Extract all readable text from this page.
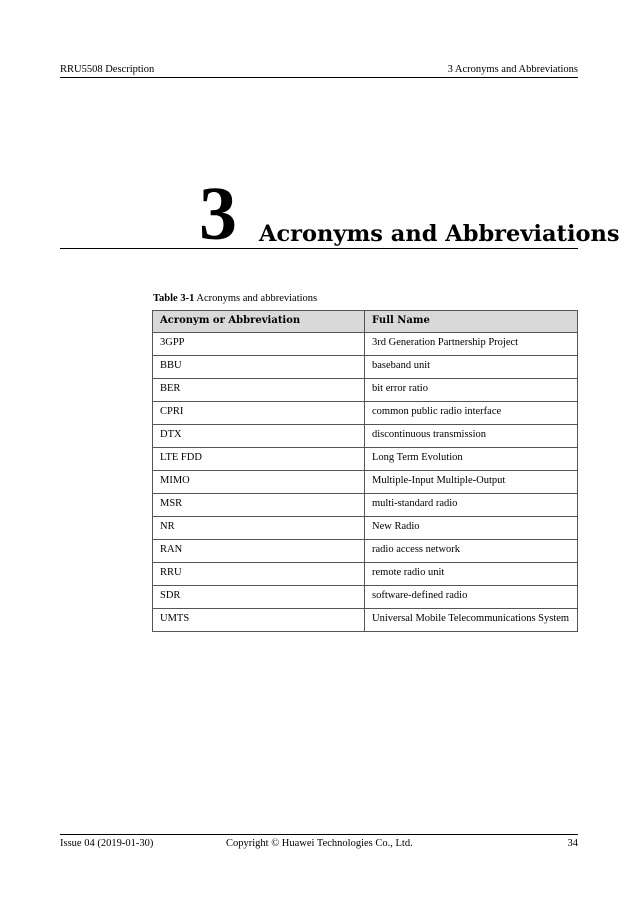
RRU5508 Description	3 Acronyms and Abbreviations
3 Acronyms and Abbreviations
Table 3-1 Acronyms and abbreviations
Acronym or Abbreviation	Full Name
3GPP	3rd Generation Partnership Project
BBU	baseband unit
BER	bit error ratio
CPRI	common public radio interface
DTX	discontinuous transmission
LTE FDD	Long Term Evolution
MIMO	Multiple-Input Multiple-Output
MSR	multi-standard radio
NR	New Radio
RAN	radio access network
RRU	remote radio unit
SDR	software-defined radio
UMTS	Universal Mobile Telecommunications System
Issue 04 (2019-01-30)	Copyright © Huawei Technologies Co., Ltd.	34
